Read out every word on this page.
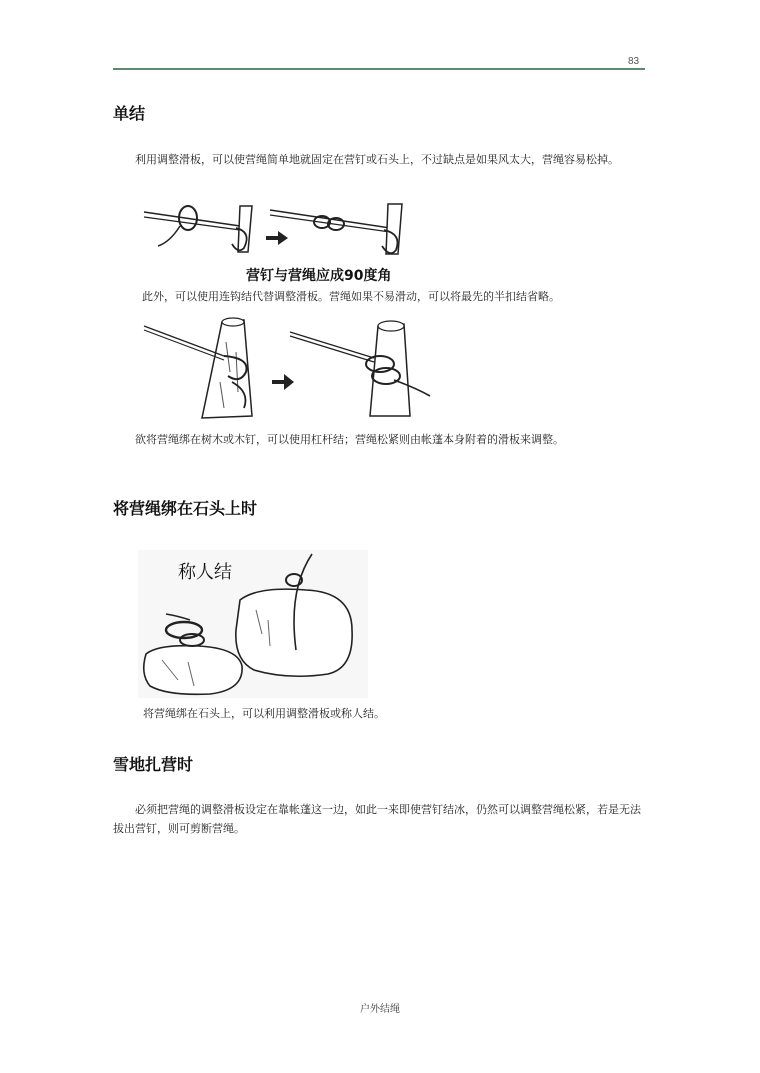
83
单结

利用调整滑板，可以使营绳简单地就固定在营钉或石头上，不过缺点是如果风太大，营绳容易松掉。

营钉与营绳应成90度角

此外，可以使用连钩结代替调整滑板。营绳如果不易滑动，可以将最先的半扣结省略。

欲将营绳绑在树木或木钉，可以使用杠杆结；营绳松紧则由帐蓬本身附着的滑板来调整。

将营绳绑在石头上时
称人结

将营绳绑在石头上，可以利用调整滑板或称人结。

雪地扎营时

必须把营绳的调整滑板设定在靠帐蓬这一边，如此一来即使营钉结冰，仍然可以调整营绳松紧，若是无法拔出营钉，则可剪断营绳。

户外结绳
